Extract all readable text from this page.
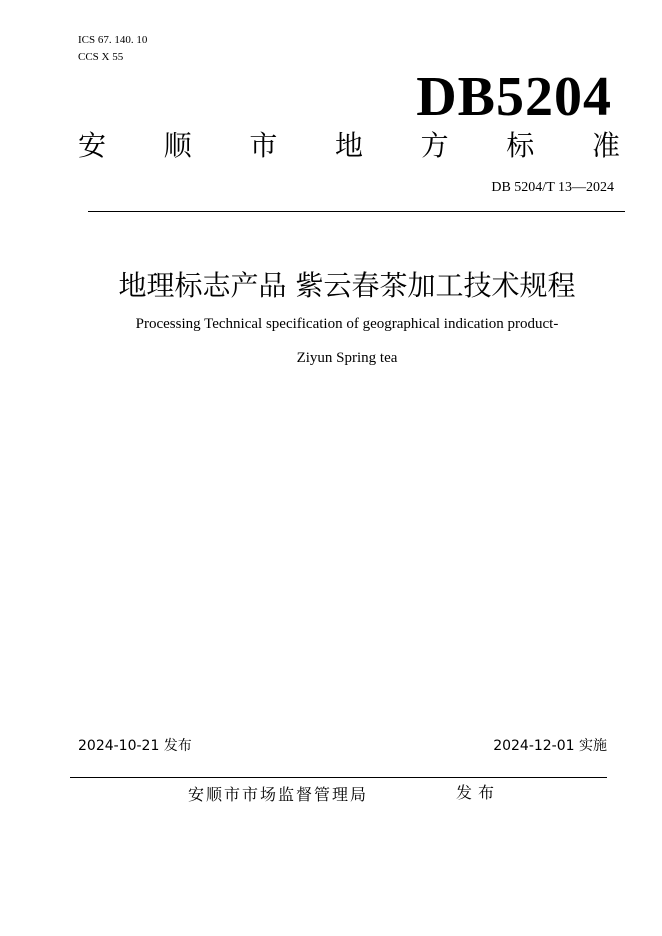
ICS 67. 140. 10
CCS X 55
DB5204
安 顺 市 地 方 标 准
DB 5204/T 13—2024
地理标志产品 紫云春茶加工技术规程
Processing Technical specification of geographical indication product-
Ziyun Spring tea
2024-10-21 发布	2024-12-01 实施
安顺市市场监督管理局	发布
